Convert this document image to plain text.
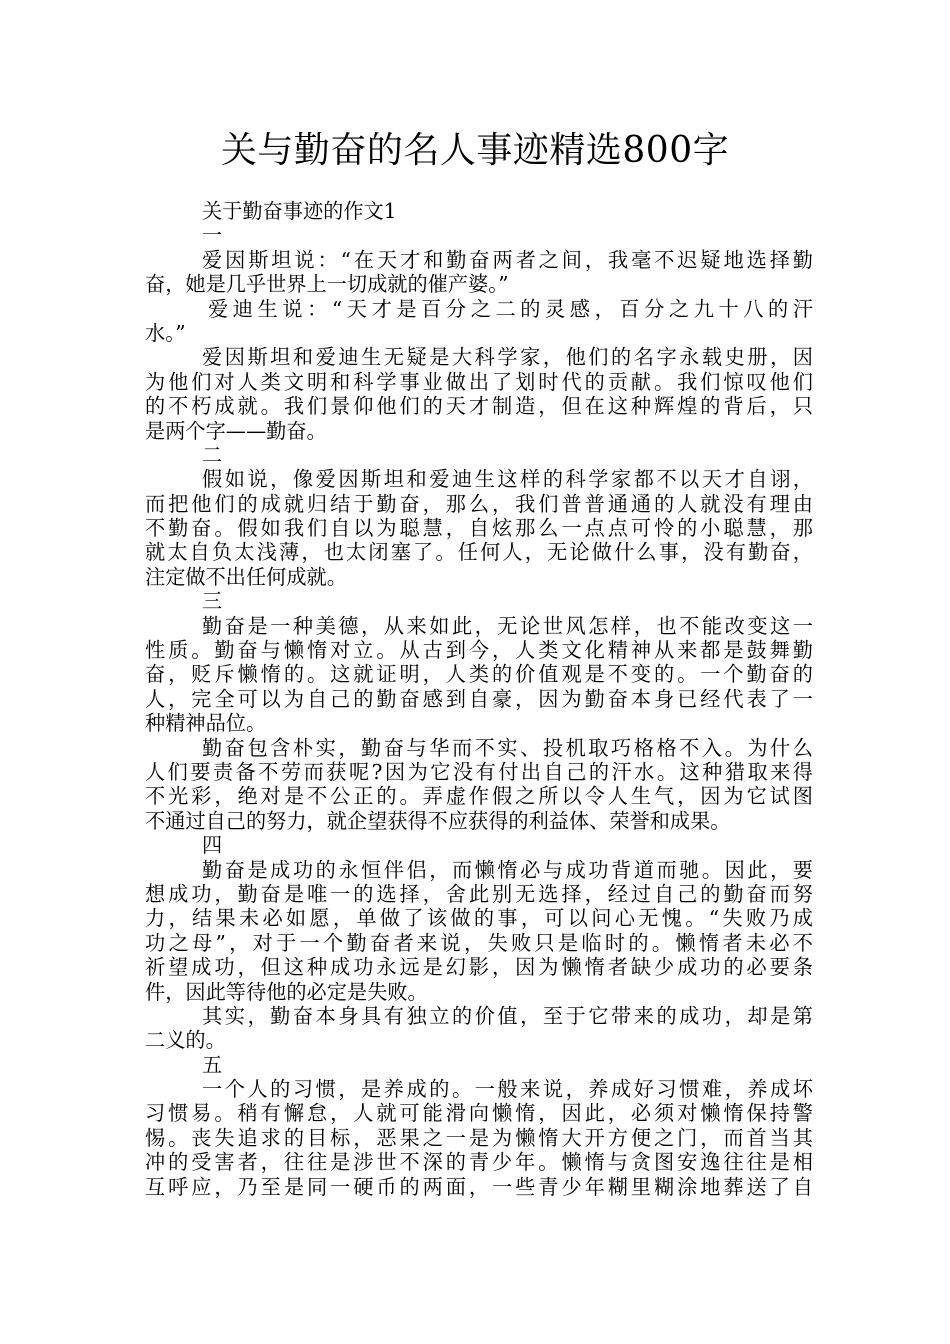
关与勤奋的名人事迹精选800字
关于勤奋事迹的作文1
一
爱因斯坦说：“在天才和勤奋两者之间，我毫不迟疑地选择勤
奋，她是几乎世界上一切成就的催产婆。”
爱迪生说：“天才是百分之二的灵感，百分之九十八的汗
水。”
爱因斯坦和爱迪生无疑是大科学家，他们的名字永载史册，因
为他们对人类文明和科学事业做出了划时代的贡献。我们惊叹他们
的不朽成就。我们景仰他们的天才制造，但在这种辉煌的背后，只
是两个字——勤奋。
二
假如说，像爱因斯坦和爱迪生这样的科学家都不以天才自诩，
而把他们的成就归结于勤奋，那么，我们普普通通的人就没有理由
不勤奋。假如我们自以为聪慧，自炫那么一点点可怜的小聪慧，那
就太自负太浅薄，也太闭塞了。任何人，无论做什么事，没有勤奋，
注定做不出任何成就。
三
勤奋是一种美德，从来如此，无论世风怎样，也不能改变这一
性质。勤奋与懒惰对立。从古到今，人类文化精神从来都是鼓舞勤
奋，贬斥懒惰的。这就证明，人类的价值观是不变的。一个勤奋的
人，完全可以为自己的勤奋感到自豪，因为勤奋本身已经代表了一
种精神品位。
勤奋包含朴实，勤奋与华而不实、投机取巧格格不入。为什么
人们要责备不劳而获呢?因为它没有付出自己的汗水。这种猎取来得
不光彩，绝对是不公正的。弄虚作假之所以令人生气，因为它试图
不通过自己的努力，就企望获得不应获得的利益体、荣誉和成果。
四
勤奋是成功的永恒伴侣，而懒惰必与成功背道而驰。因此，要
想成功，勤奋是唯一的选择，舍此别无选择，经过自己的勤奋而努
力，结果未必如愿，单做了该做的事，可以问心无愧。“失败乃成
功之母”，对于一个勤奋者来说，失败只是临时的。懒惰者未必不
祈望成功，但这种成功永远是幻影，因为懒惰者缺少成功的必要条
件，因此等待他的必定是失败。
其实，勤奋本身具有独立的价值，至于它带来的成功，却是第
二义的。
五
一个人的习惯，是养成的。一般来说，养成好习惯难，养成坏
习惯易。稍有懈怠，人就可能滑向懒惰，因此，必须对懒惰保持警
惕。丧失追求的目标，恶果之一是为懒惰大开方便之门，而首当其
冲的受害者，往往是涉世不深的青少年。懒惰与贪图安逸往往是相
互呼应，乃至是同一硬币的两面，一些青少年糊里糊涂地葬送了自
